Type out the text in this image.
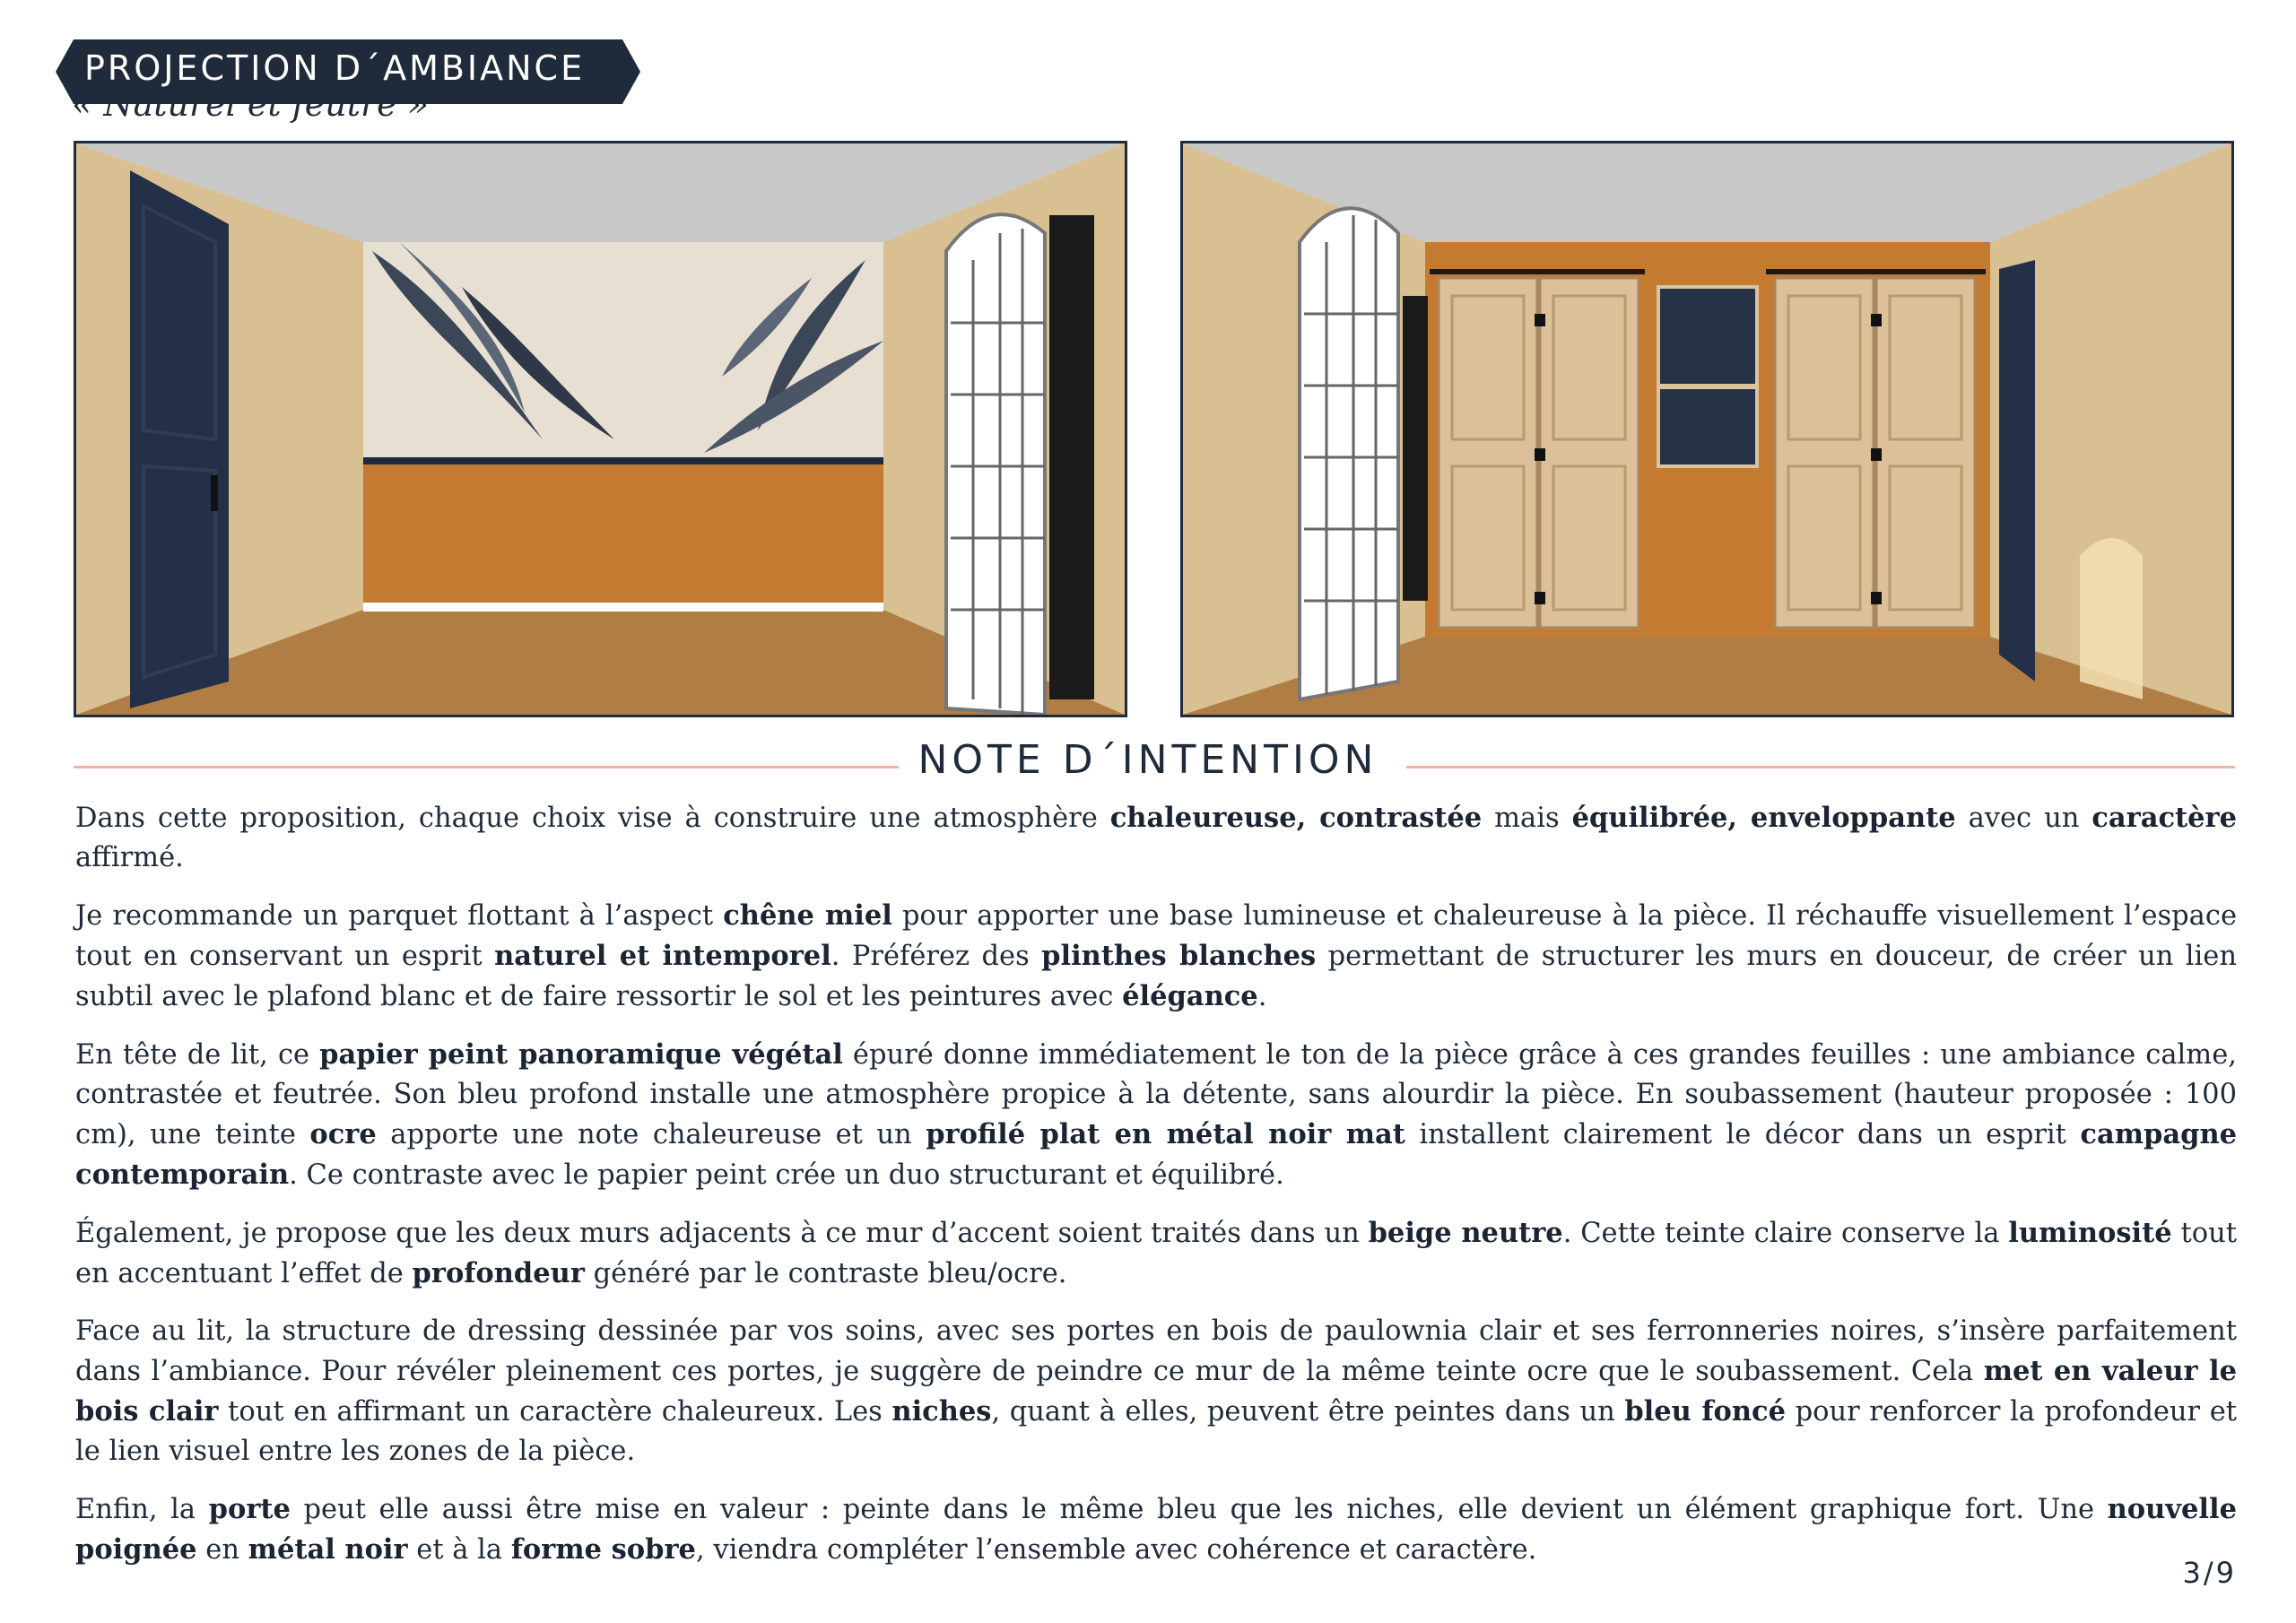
PROJECTION D´AMBIANCE
« Naturel et feutré »
NOTE D´INTENTION

Dans cette proposition, chaque choix vise à construire une atmosphère chaleureuse, contrastée mais équilibrée, enveloppante avec un caractère affirmé.

Je recommande un parquet flottant à l’aspect chêne miel pour apporter une base lumineuse et chaleureuse à la pièce. Il réchauffe visuellement l’espace tout en conservant un esprit naturel et intemporel. Préférez des plinthes blanches permettant de structurer les murs en douceur, de créer un lien subtil avec le plafond blanc et de faire ressortir le sol et les peintures avec élégance.

En tête de lit, ce papier peint panoramique végétal épuré donne immédiatement le ton de la pièce grâce à ces grandes feuilles : une ambiance calme, contrastée et feutrée. Son bleu profond installe une atmosphère propice à la détente, sans alourdir la pièce. En soubassement (hauteur proposée : 100 cm), une teinte ocre apporte une note chaleureuse et un profilé plat en métal noir mat installent clairement le décor dans un esprit campagne contemporain. Ce contraste avec le papier peint crée un duo structurant et équilibré.

Également, je propose que les deux murs adjacents à ce mur d’accent soient traités dans un beige neutre. Cette teinte claire conserve la luminosité tout en accentuant l’effet de profondeur généré par le contraste bleu/ocre.

Face au lit, la structure de dressing dessinée par vos soins, avec ses portes en bois de paulownia clair et ses ferronneries noires, s’insère parfaitement dans l’ambiance. Pour révéler pleinement ces portes, je suggère de peindre ce mur de la même teinte ocre que le soubassement. Cela met en valeur le bois clair tout en affirmant un caractère chaleureux. Les niches, quant à elles, peuvent être peintes dans un bleu foncé pour renforcer la profondeur et le lien visuel entre les zones de la pièce.

Enfin, la porte peut elle aussi être mise en valeur : peinte dans le même bleu que les niches, elle devient un élément graphique fort. Une nouvelle poignée en métal noir et à la forme sobre, viendra compléter l’ensemble avec cohérence et caractère.

3/9
